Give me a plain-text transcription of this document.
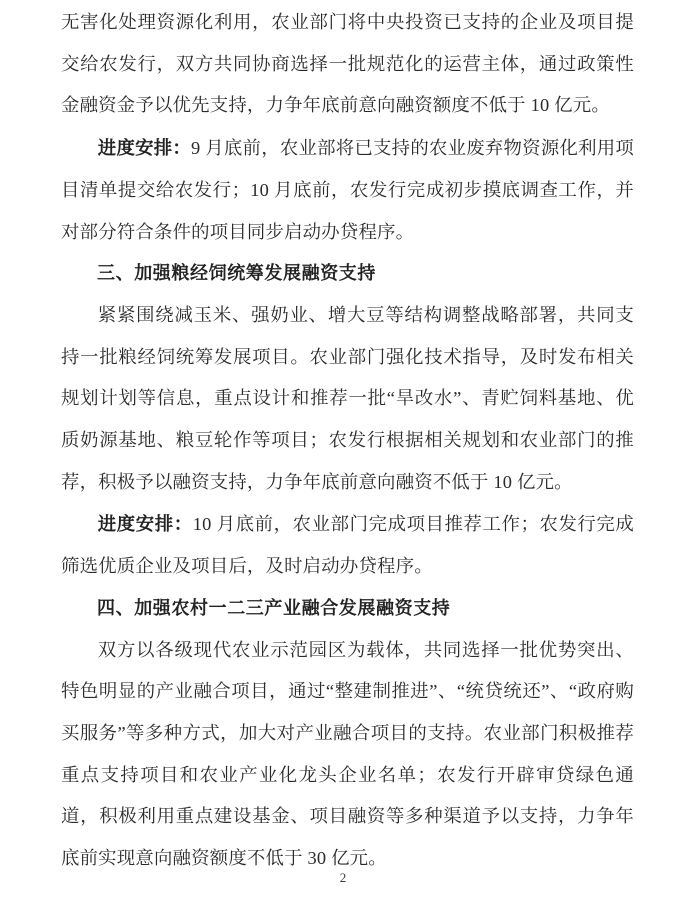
无害化处理资源化利用，农业部门将中央投资已支持的企业及项目提交给农发行，双方共同协商选择一批规范化的运营主体，通过政策性金融资金予以优先支持，力争年底前意向融资额度不低于 10 亿元。

进度安排：9 月底前，农业部将已支持的农业废弃物资源化利用项目清单提交给农发行；10 月底前，农发行完成初步摸底调查工作，并对部分符合条件的项目同步启动办贷程序。

三、加强粮经饲统筹发展融资支持

紧紧围绕减玉米、强奶业、增大豆等结构调整战略部署，共同支持一批粮经饲统筹发展项目。农业部门强化技术指导，及时发布相关规划计划等信息，重点设计和推荐一批“旱改水”、青贮饲料基地、优质奶源基地、粮豆轮作等项目；农发行根据相关规划和农业部门的推荐，积极予以融资支持，力争年底前意向融资不低于 10 亿元。

进度安排：10 月底前，农业部门完成项目推荐工作；农发行完成筛选优质企业及项目后，及时启动办贷程序。

四、加强农村一二三产业融合发展融资支持

双方以各级现代农业示范园区为载体，共同选择一批优势突出、特色明显的产业融合项目，通过“整建制推进”、“统贷统还”、“政府购买服务”等多种方式，加大对产业融合项目的支持。农业部门积极推荐重点支持项目和农业产业化龙头企业名单；农发行开辟审贷绿色通道，积极利用重点建设基金、项目融资等多种渠道予以支持，力争年底前实现意向融资额度不低于 30 亿元。

2
